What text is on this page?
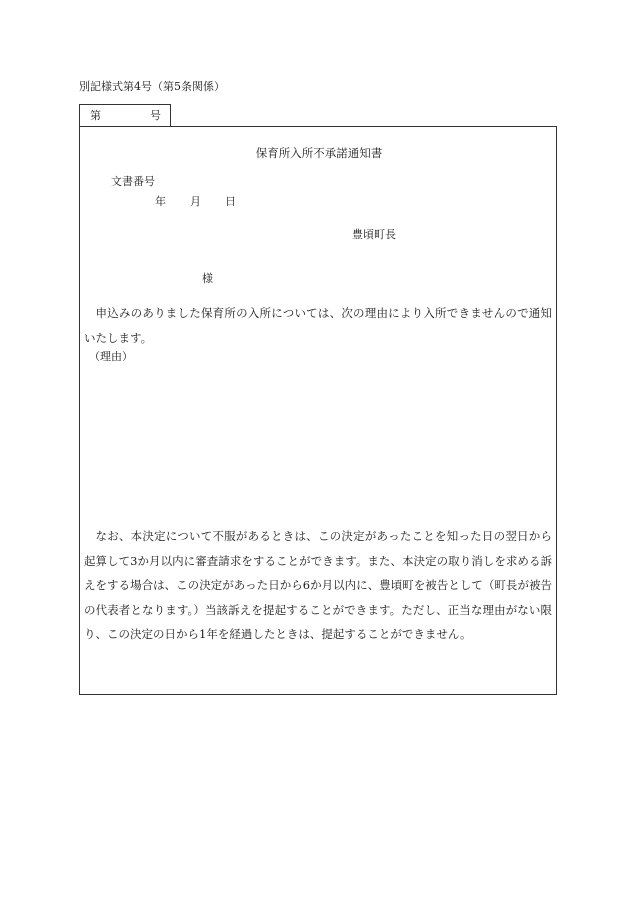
別記様式第4号（第5条関係）
第	号
保育所入所不承諾通知書
文書番号
年 月 日
豊頃町長
様
申込みのありました保育所の入所については、次の理由により入所できませんので通知いたします。
（理由）
なお、本決定について不服があるときは、この決定があったことを知った日の翌日から起算して3か月以内に審査請求をすることができます。また、本決定の取り消しを求める訴えをする場合は、この決定があった日から6か月以内に、豊頃町を被告として（町長が被告の代表者となります。）当該訴えを提起することができます。ただし、正当な理由がない限り、この決定の日から1年を経過したときは、提起することができません。
